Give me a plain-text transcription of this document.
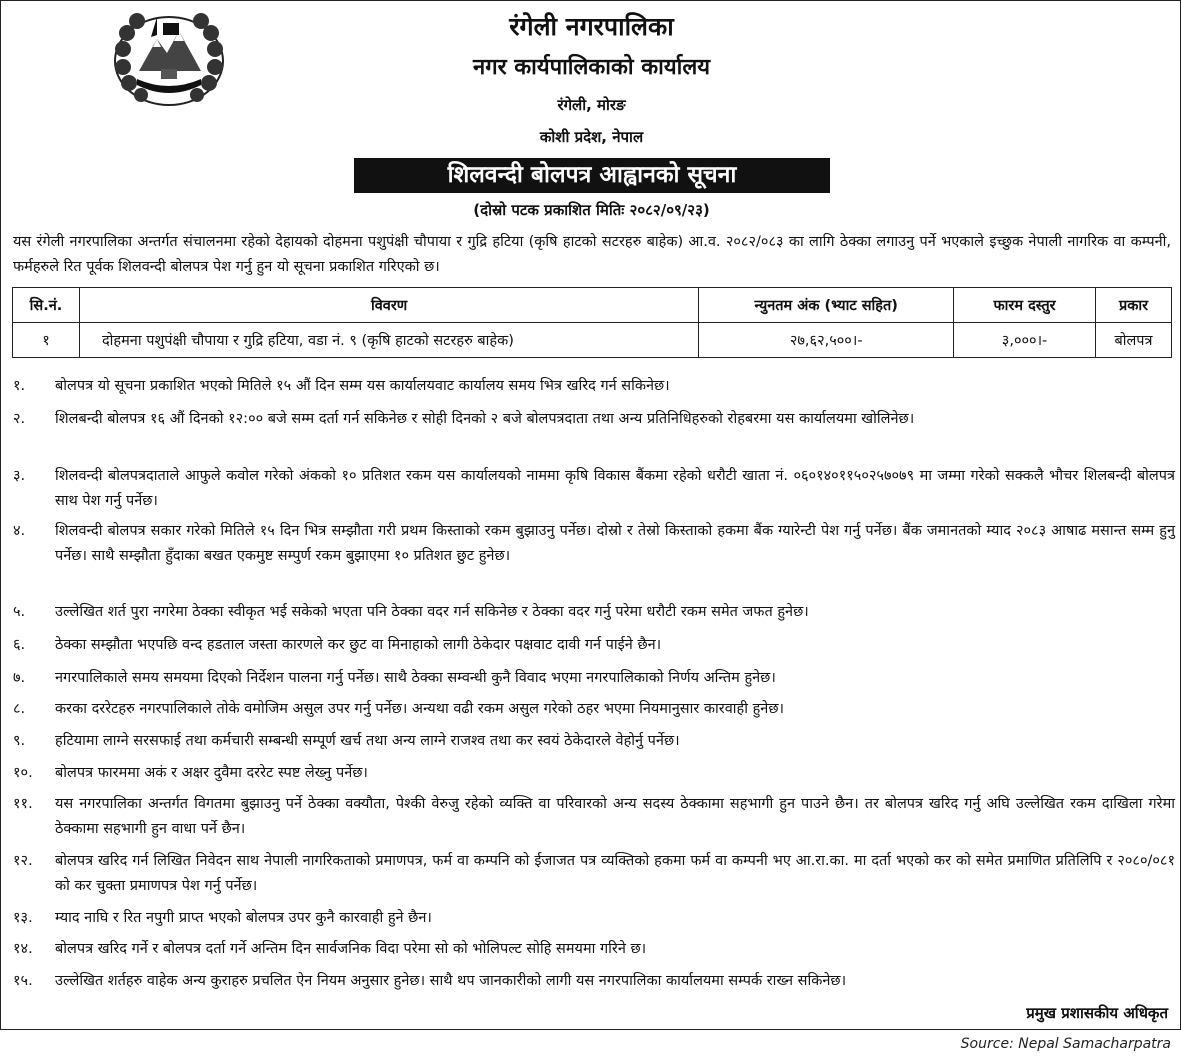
रंगेली नगरपालिका
नगर कार्यपालिकाको कार्यालय
रंगेली, मोरङ
कोशी प्रदेश, नेपाल
शिलवन्दी बोलपत्र आह्वानको सूचना
(दोस्रो पटक प्रकाशित मितिः २०८२/०९/२३)
यस रंगेली नगरपालिका अन्तर्गत संचालनमा रहेको देहायको दोहमना पशुपंक्षी चौपाया र गुद्रि हटिया (कृषि हाटको सटरहरु बाहेक) आ.व. २०८२/०८३ का लागि ठेक्का लगाउनु पर्ने भएकाले इच्छुक नेपाली नागरिक वा कम्पनी, फर्महरुले रित पूर्वक शिलवन्दी बोलपत्र पेश गर्नु हुन यो सूचना प्रकाशित गरिएको छ।
सि.नं.	विवरण	न्युनतम अंक (भ्याट सहित)	फारम दस्तुर	प्रकार
१	दोहमना पशुपंक्षी चौपाया र गुद्रि हटिया, वडा नं. ९ (कृषि हाटको सटरहरु बाहेक)	२७,६२,५००।-	३,०००।-	बोलपत्र
१.	बोलपत्र यो सूचना प्रकाशित भएको मितिले १५ औं दिन सम्म यस कार्यालयवाट कार्यालय समय भित्र खरिद गर्न सकिनेछ।
२.	शिलबन्दी बोलपत्र १६ औं दिनको १२:०० बजे सम्म दर्ता गर्न सकिनेछ र सोही दिनको २ बजे बोलपत्रदाता तथा अन्य प्रतिनिधिहरुको रोहबरमा यस कार्यालयमा खोलिनेछ।
३.	शिलवन्दी बोलपत्रदाताले आफुले कवोल गरेको अंकको १० प्रतिशत रकम यस कार्यालयको नाममा कृषि विकास बैंकमा रहेको धरौटी खाता नं. ०६०१४०११५०२५७०७९ मा जम्मा गरेको सक्कलै भौचर शिलबन्दी बोलपत्र साथ पेश गर्नु पर्नेछ।
४.	शिलवन्दी बोलपत्र सकार गरेको मितिले १५ दिन भित्र सम्झौता गरी प्रथम किस्ताको रकम बुझाउनु पर्नेछ। दोस्रो र तेस्रो किस्ताको हकमा बैंक ग्यारेन्टी पेश गर्नु पर्नेछ। बैंक जमानतको म्याद २०८३ आषाढ मसान्त सम्म हुनु पर्नेछ। साथै सम्झौता हुँदाका बखत एकमुष्ट सम्पुर्ण रकम बुझाएमा १० प्रतिशत छुट हुनेछ।
५.	उल्लेखित शर्त पुरा नगरेमा ठेक्का स्वीकृत भई सकेको भएता पनि ठेक्का वदर गर्न सकिनेछ र ठेक्का वदर गर्नु परेमा धरौटी रकम समेत जफत हुनेछ।
६.	ठेक्का सम्झौता भएपछि वन्द हडताल जस्ता कारणले कर छुट वा मिनाहाको लागी ठेकेदार पक्षवाट दावी गर्न पाईने छैन।
७.	नगरपालिकाले समय समयमा दिएको निर्देशन पालना गर्नु पर्नेछ। साथै ठेक्का सम्वन्धी कुनै विवाद भएमा नगरपालिकाको निर्णय अन्तिम हुनेछ।
८.	करका दररेटहरु नगरपालिकाले तोके वमोजिम असुल उपर गर्नु पर्नेछ। अन्यथा वढी रकम असुल गरेको ठहर भएमा नियमानुसार कारवाही हुनेछ।
९.	हटियामा लाग्ने सरसफाई तथा कर्मचारी सम्बन्धी सम्पूर्ण खर्च तथा अन्य लाग्ने राजश्व तथा कर स्वयं ठेकेदारले वेहोर्नु पर्नेछ।
१०.	बोलपत्र फारममा अकं र अक्षर दुवैमा दररेट स्पष्ट लेख्नु पर्नेछ।
११.	यस नगरपालिका अन्तर्गत विगतमा बुझाउनु पर्ने ठेक्का वक्यौता, पेश्की वेरुजु रहेको व्यक्ति वा परिवारको अन्य सदस्य ठेक्कामा सहभागी हुन पाउने छैन। तर बोलपत्र खरिद गर्नु अघि उल्लेखित रकम दाखिला गरेमा ठेक्कामा सहभागी हुन वाधा पर्ने छैन।
१२.	बोलपत्र खरिद गर्न लिखित निवेदन साथ नेपाली नागरिकताको प्रमाणपत्र, फर्म वा कम्पनि को ईजाजत पत्र व्यक्तिको हकमा फर्म वा कम्पनी भए आ.रा.का. मा दर्ता भएको कर को समेत प्रमाणित प्रतिलिपि र २०८०/०८१ को कर चुक्ता प्रमाणपत्र पेश गर्नु पर्नेछ।
१३.	म्याद नाघि र रित नपुगी प्राप्त भएको बोलपत्र उपर कुनै कारवाही हुने छैन।
१४.	बोलपत्र खरिद गर्ने र बोलपत्र दर्ता गर्ने अन्तिम दिन सार्वजनिक विदा परेमा सो को भोलिपल्ट सोहि समयमा गरिने छ।
१५.	उल्लेखित शर्तहरु वाहेक अन्य कुराहरु प्रचलित ऐन नियम अनुसार हुनेछ। साथै थप जानकारीको लागी यस नगरपालिका कार्यालयमा सम्पर्क राख्न सकिनेछ।
प्रमुख प्रशासकीय अधिकृत
Source: Nepal Samacharpatra
